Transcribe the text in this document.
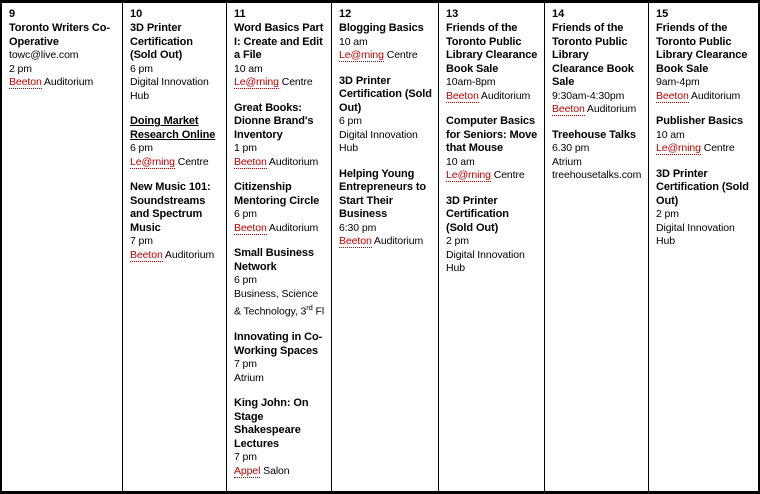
9
Toronto Writers Co-Operative
towc@live.com
2 pm
Beeton Auditorium
10
3D Printer Certification (Sold Out)
6 pm
Digital Innovation Hub
Doing Market Research Online
6 pm
Le@rning Centre
New Music 101: Soundstreams and Spectrum Music
7 pm
Beeton Auditorium
11
Word Basics Part I: Create and Edit a File
10 am
Le@rning Centre
Great Books: Dionne Brand's Inventory
1 pm
Beeton Auditorium
Citizenship Mentoring Circle
6 pm
Beeton Auditorium
Small Business Network
6 pm
Business, Science & Technology, 3rd Fl
Innovating in Co-Working Spaces
7 pm
Atrium
King John: On Stage Shakespeare Lectures
7 pm
Appel Salon
12
Blogging Basics
10 am
Le@rning Centre
3D Printer Certification (Sold Out)
6 pm
Digital Innovation Hub
Helping Young Entrepreneurs to Start Their Business
6:30 pm
Beeton Auditorium
13
Friends of the Toronto Public Library Clearance Book Sale
10am-8pm
Beeton Auditorium
Computer Basics for Seniors: Move that Mouse
10 am
Le@rning Centre
3D Printer Certification (Sold Out)
2 pm
Digital Innovation Hub
14
Friends of the Toronto Public Library Clearance Book Sale
9:30am-4:30pm
Beeton Auditorium
Treehouse Talks
6.30 pm
Atrium
treehousetalks.com
15
Friends of the Toronto Public Library Clearance Book Sale
9am-4pm
Beeton Auditorium
Publisher Basics
10 am
Le@rning Centre
3D Printer Certification (Sold Out)
2 pm
Digital Innovation Hub
